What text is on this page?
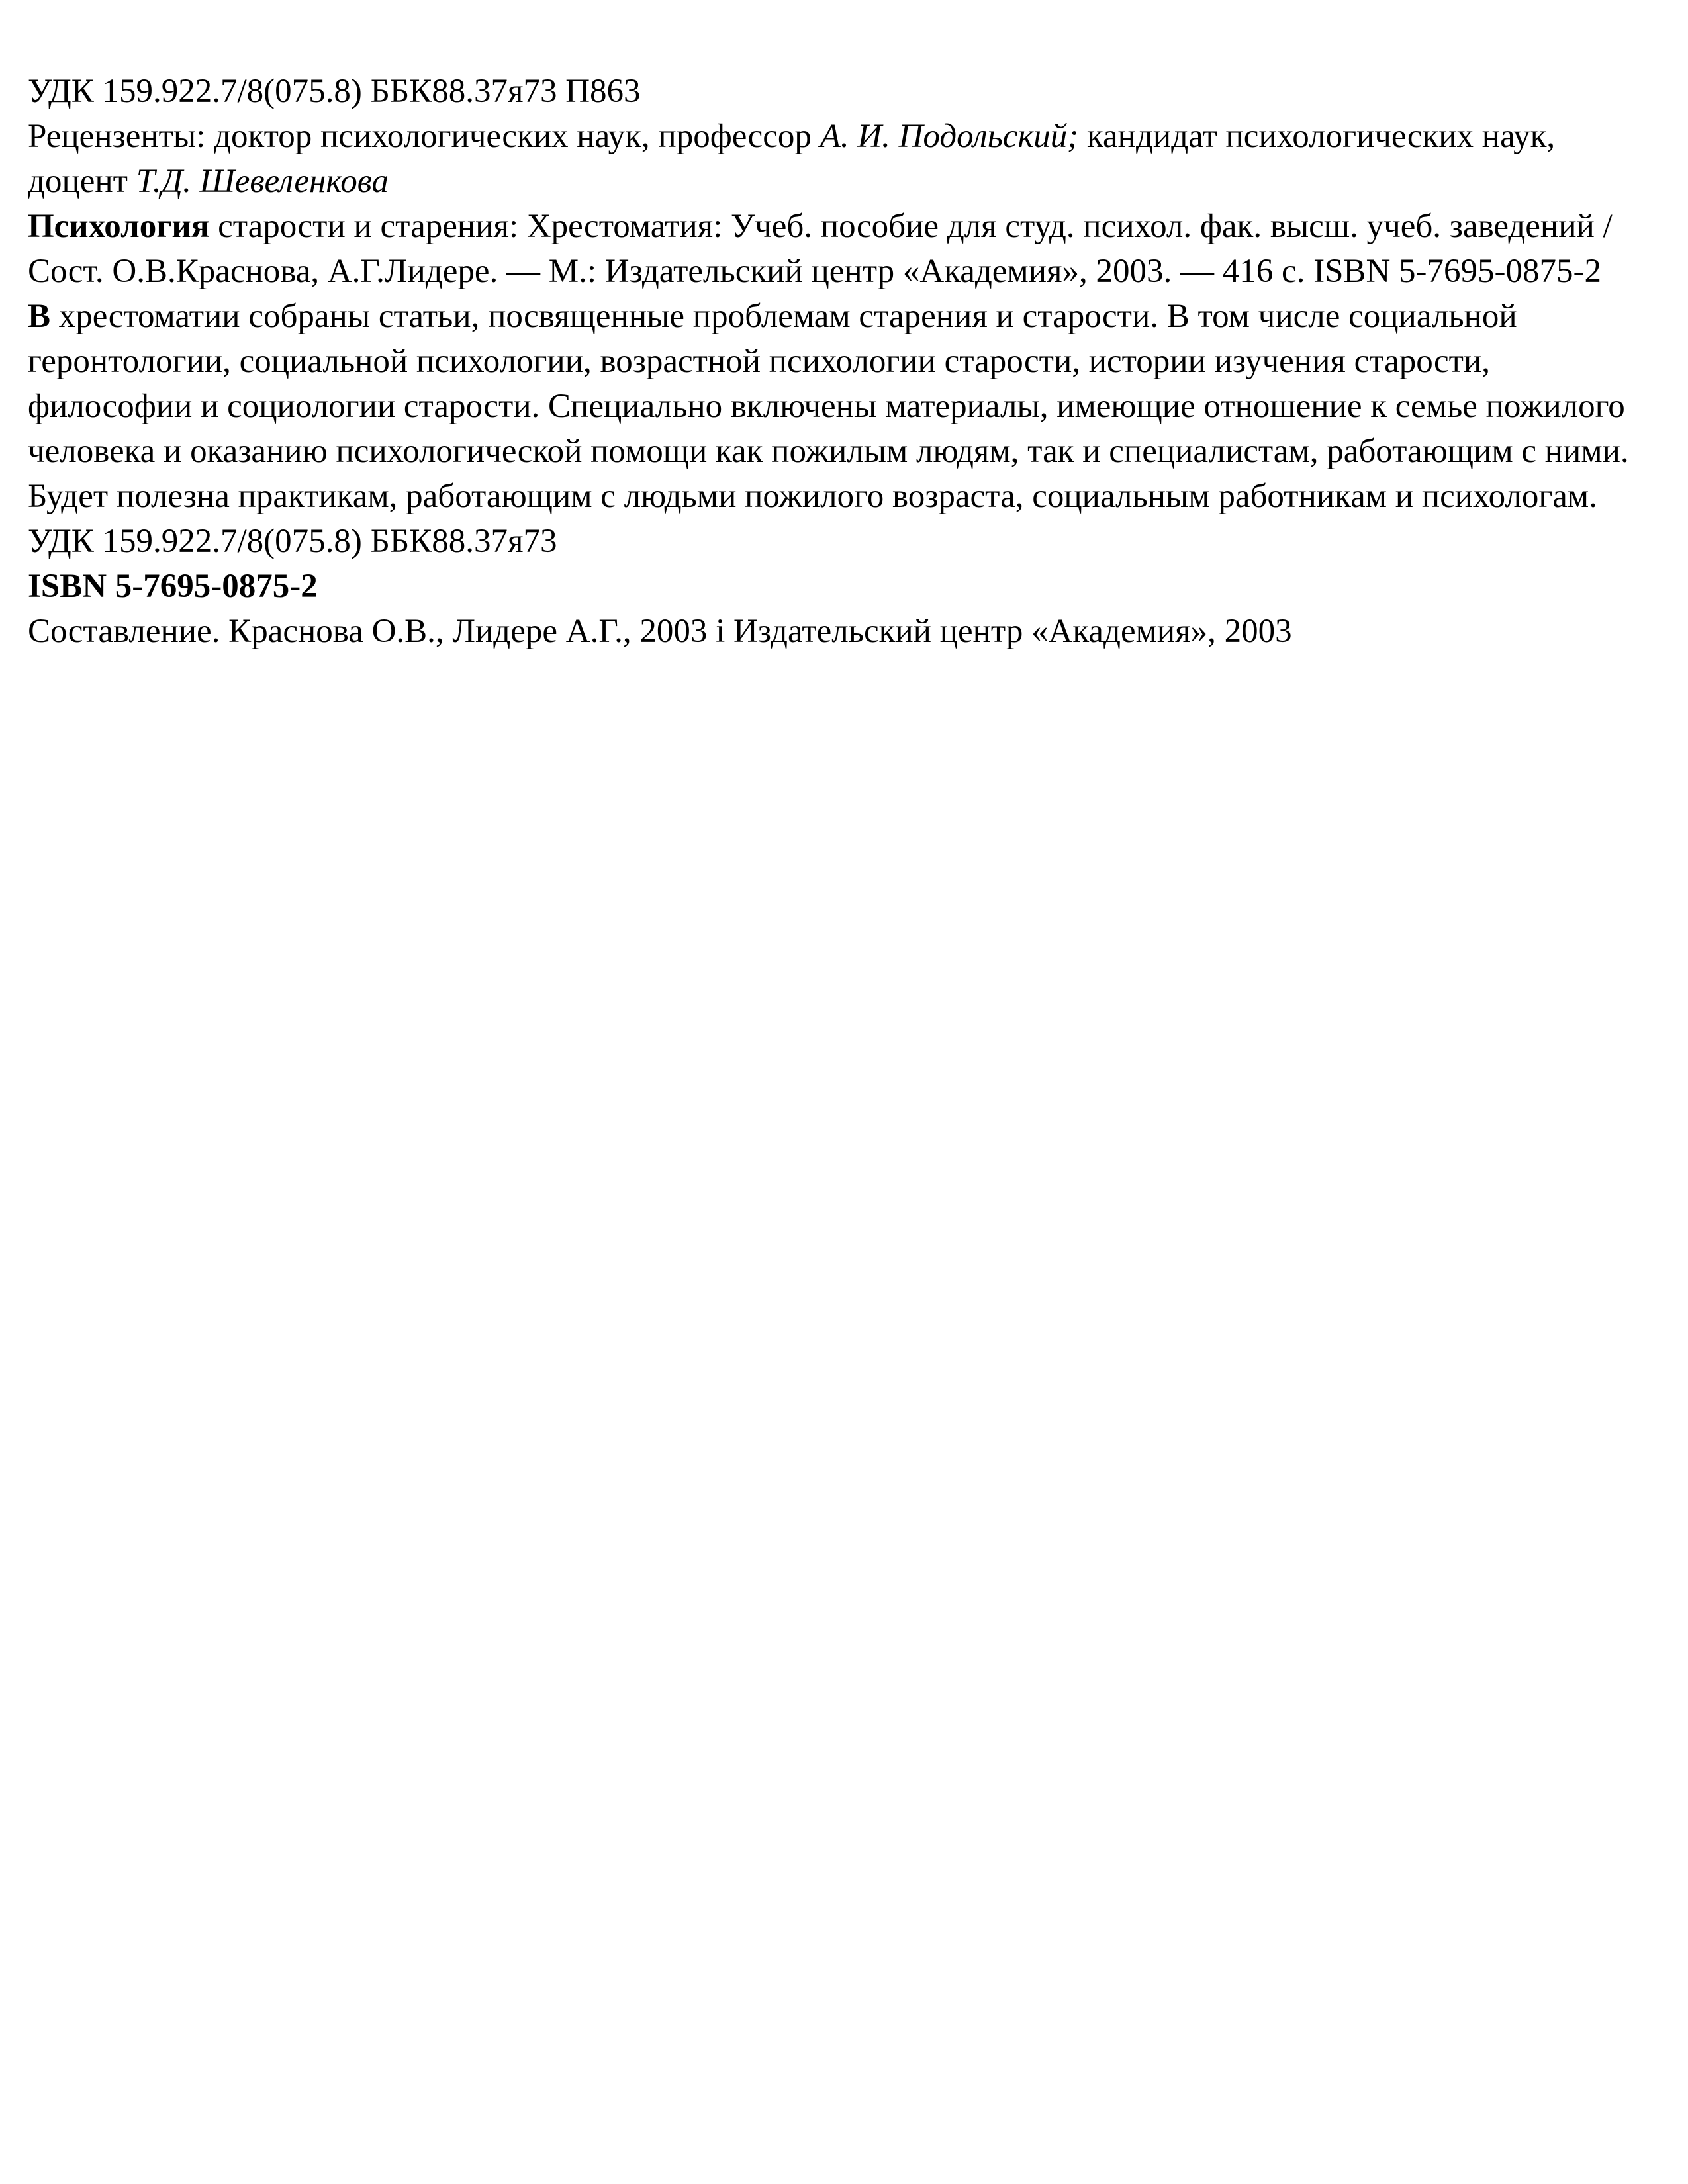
УДК 159.922.7/8(075.8) ББК88.37я73 П863

Рецензенты: доктор психологических наук, профессор А. И. Подольский; кандидат психологических наук, доцент Т.Д. Шевеленкова

Психология старости и старения: Хрестоматия: Учеб. пособие для студ. психол. фак. высш. учеб. заведений / Сост. О.В.Краснова, А.Г.Лидере. — М.: Издательский центр «Академия», 2003. — 416 с. ISBN 5-7695-0875-2

В хрестоматии собраны статьи, посвященные проблемам старения и старости. В том числе социальной геронтологии, социальной психологии, возрастной психологии старости, истории изучения старости, философии и социологии старости. Специально включены материалы, имеющие отношение к семье пожилого человека и оказанию психологической помощи как пожилым людям, так и специалистам, работающим с ними.

Будет полезна практикам, работающим с людьми пожилого возраста, социальным работникам и психологам.

УДК 159.922.7/8(075.8) ББК88.37я73

ISBN 5-7695-0875-2

Составление. Краснова О.В., Лидере А.Г., 2003 і Издательский центр «Академия», 2003
